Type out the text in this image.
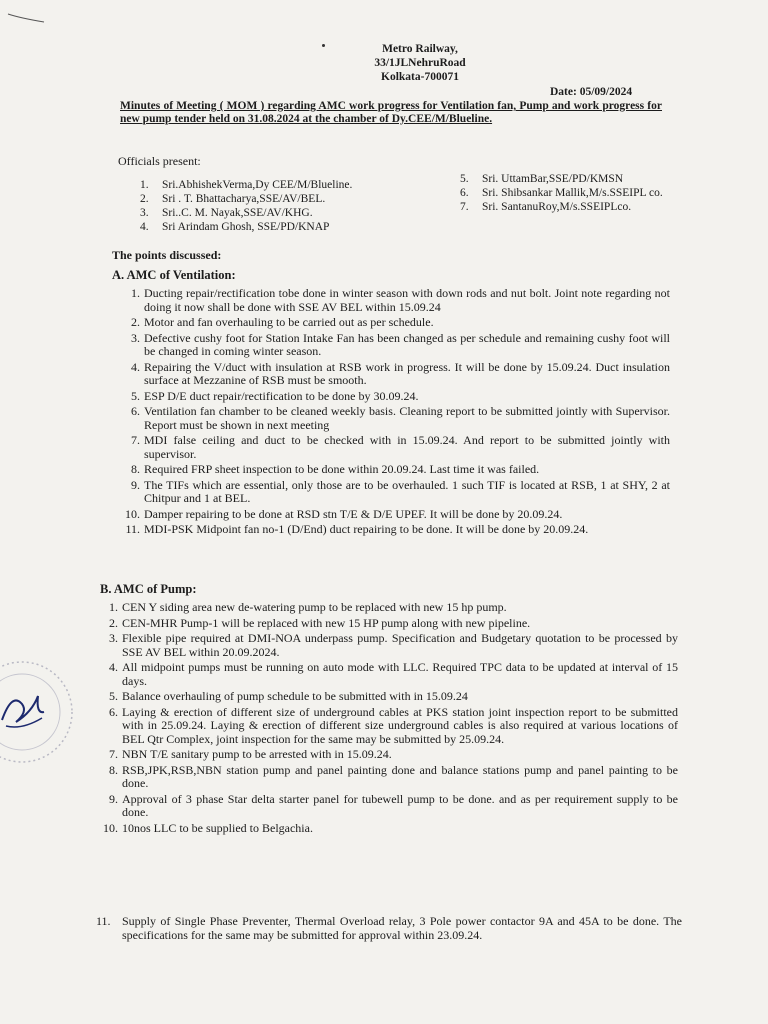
Metro Railway,
33/1JLNehruRoad
Kolkata-700071
Date: 05/09/2024
Minutes of Meeting ( MOM ) regarding AMC work progress for Ventilation fan, Pump and work progress for new pump tender held on 31.08.2024 at the chamber of Dy.CEE/M/Blueline.
Officials present:
1.	Sri.AbhishekVerma,Dy CEE/M/Blueline.
2.	Sri . T. Bhattacharya,SSE/AV/BEL.
3.	Sri..C. M. Nayak,SSE/AV/KHG.
4.	Sri Arindam Ghosh, SSE/PD/KNAP
5.	Sri. UttamBar,SSE/PD/KMSN
6.	Sri. Shibsankar Mallik,M/s.SSEIPL co.
7.	Sri. SantanuRoy,M/s.SSEIPLco.
The points discussed:
A. AMC of Ventilation:
1. Ducting repair/rectification tobe done in winter season with down rods and nut bolt. Joint note regarding not doing it now shall be done with SSE AV BEL within 15.09.24
2. Motor and fan overhauling to be carried out as per schedule.
3. Defective cushy foot for Station Intake Fan has been changed as per schedule and remaining cushy foot will be changed in coming winter season.
4. Repairing the V/duct with insulation at RSB work in progress. It will be done by 15.09.24. Duct insulation surface at Mezzanine of RSB must be smooth.
5. ESP D/E duct repair/rectification to be done by 30.09.24.
6. Ventilation fan chamber to be cleaned weekly basis. Cleaning report to be submitted jointly with Supervisor. Report must be shown in next meeting
7. MDI false ceiling and duct to be checked with in 15.09.24. And report to be submitted jointly with supervisor.
8. Required FRP sheet inspection to be done within 20.09.24. Last time it was failed.
9. The TIFs which are essential, only those are to be overhauled. 1 such TIF is located at RSB, 1 at SHY, 2 at Chitpur and 1 at BEL.
10. Damper repairing to be done at RSD stn T/E & D/E UPEF. It will be done by 20.09.24.
11. MDI-PSK Midpoint fan no-1 (D/End) duct repairing to be done. It will be done by 20.09.24.
B. AMC of Pump:
1. CEN Y siding area new de-watering pump to be replaced with new 15 hp pump.
2. CEN-MHR Pump-1 will be replaced with new 15 HP pump along with new pipeline.
3. Flexible pipe required at DMI-NOA underpass pump. Specification and Budgetary quotation to be processed by SSE AV BEL within 20.09.2024.
4. All midpoint pumps must be running on auto mode with LLC. Required TPC data to be updated at interval of 15 days.
5. Balance overhauling of pump schedule to be submitted with in 15.09.24
6. Laying & erection of different size of underground cables at PKS station joint inspection report to be submitted with in 25.09.24. Laying & erection of different size underground cables is also required at various locations of BEL Qtr Complex, joint inspection for the same may be submitted by 25.09.24.
7. NBN T/E sanitary pump to be arrested with in 15.09.24.
8. RSB,JPK,RSB,NBN station pump and panel painting done and balance stations pump and panel painting to be done.
9. Approval of 3 phase Star delta starter panel for tubewell pump to be done. and as per requirement supply to be done.
10. 10nos LLC to be supplied to Belgachia.
11. Supply of Single Phase Preventer, Thermal Overload relay, 3 Pole power contactor 9A and 45A to be done. The specifications for the same may be submitted for approval within 23.09.24.
